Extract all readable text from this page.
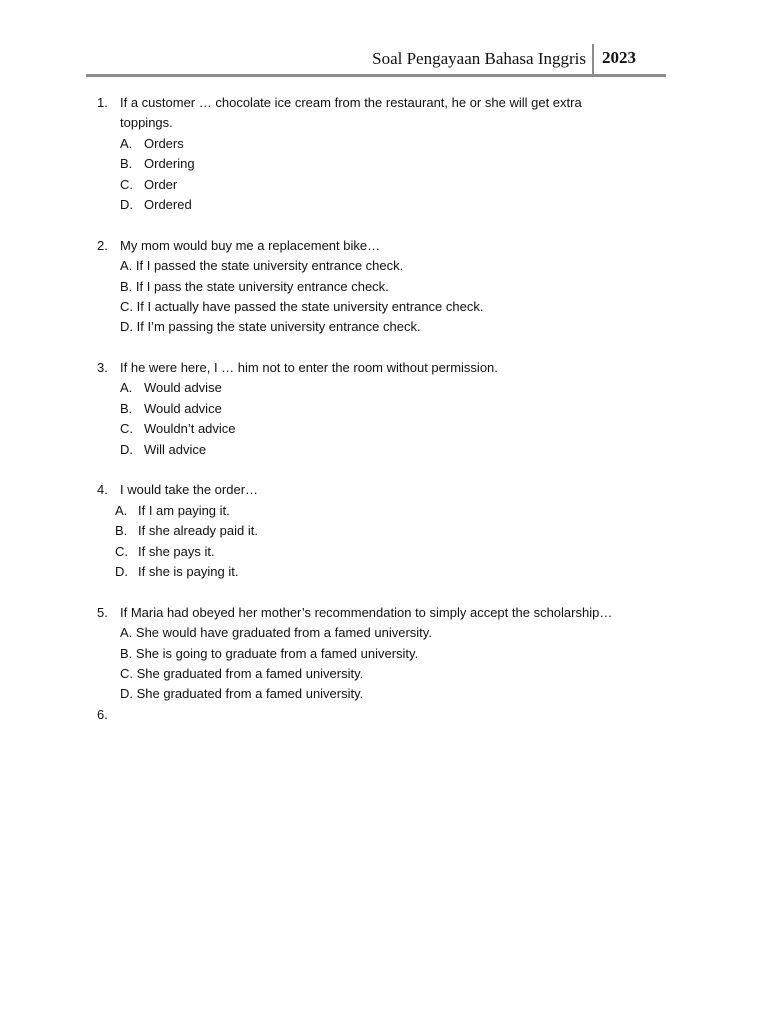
Soal Pengayaan Bahasa Inggris 2023
1. If a customer … chocolate ice cream from the restaurant, he or she will get extra
toppings.
A. Orders
B. Ordering
C. Order
D. Ordered
2. My mom would buy me a replacement bike…
A. If I passed the state university entrance check.
B. If I pass the state university entrance check.
C. If I actually have passed the state university entrance check.
D. If I’m passing the state university entrance check.
3. If he were here, I … him not to enter the room without permission.
A. Would advise
B. Would advice
C. Wouldn’t advice
D. Will advice
4. I would take the order…
A. If I am paying it.
B. If she already paid it.
C. If she pays it.
D. If she is paying it.
5. If Maria had obeyed her mother’s recommendation to simply accept the scholarship…
A. She would have graduated from a famed university.
B. She is going to graduate from a famed university.
C. She graduated from a famed university.
D. She graduated from a famed university.
6.
